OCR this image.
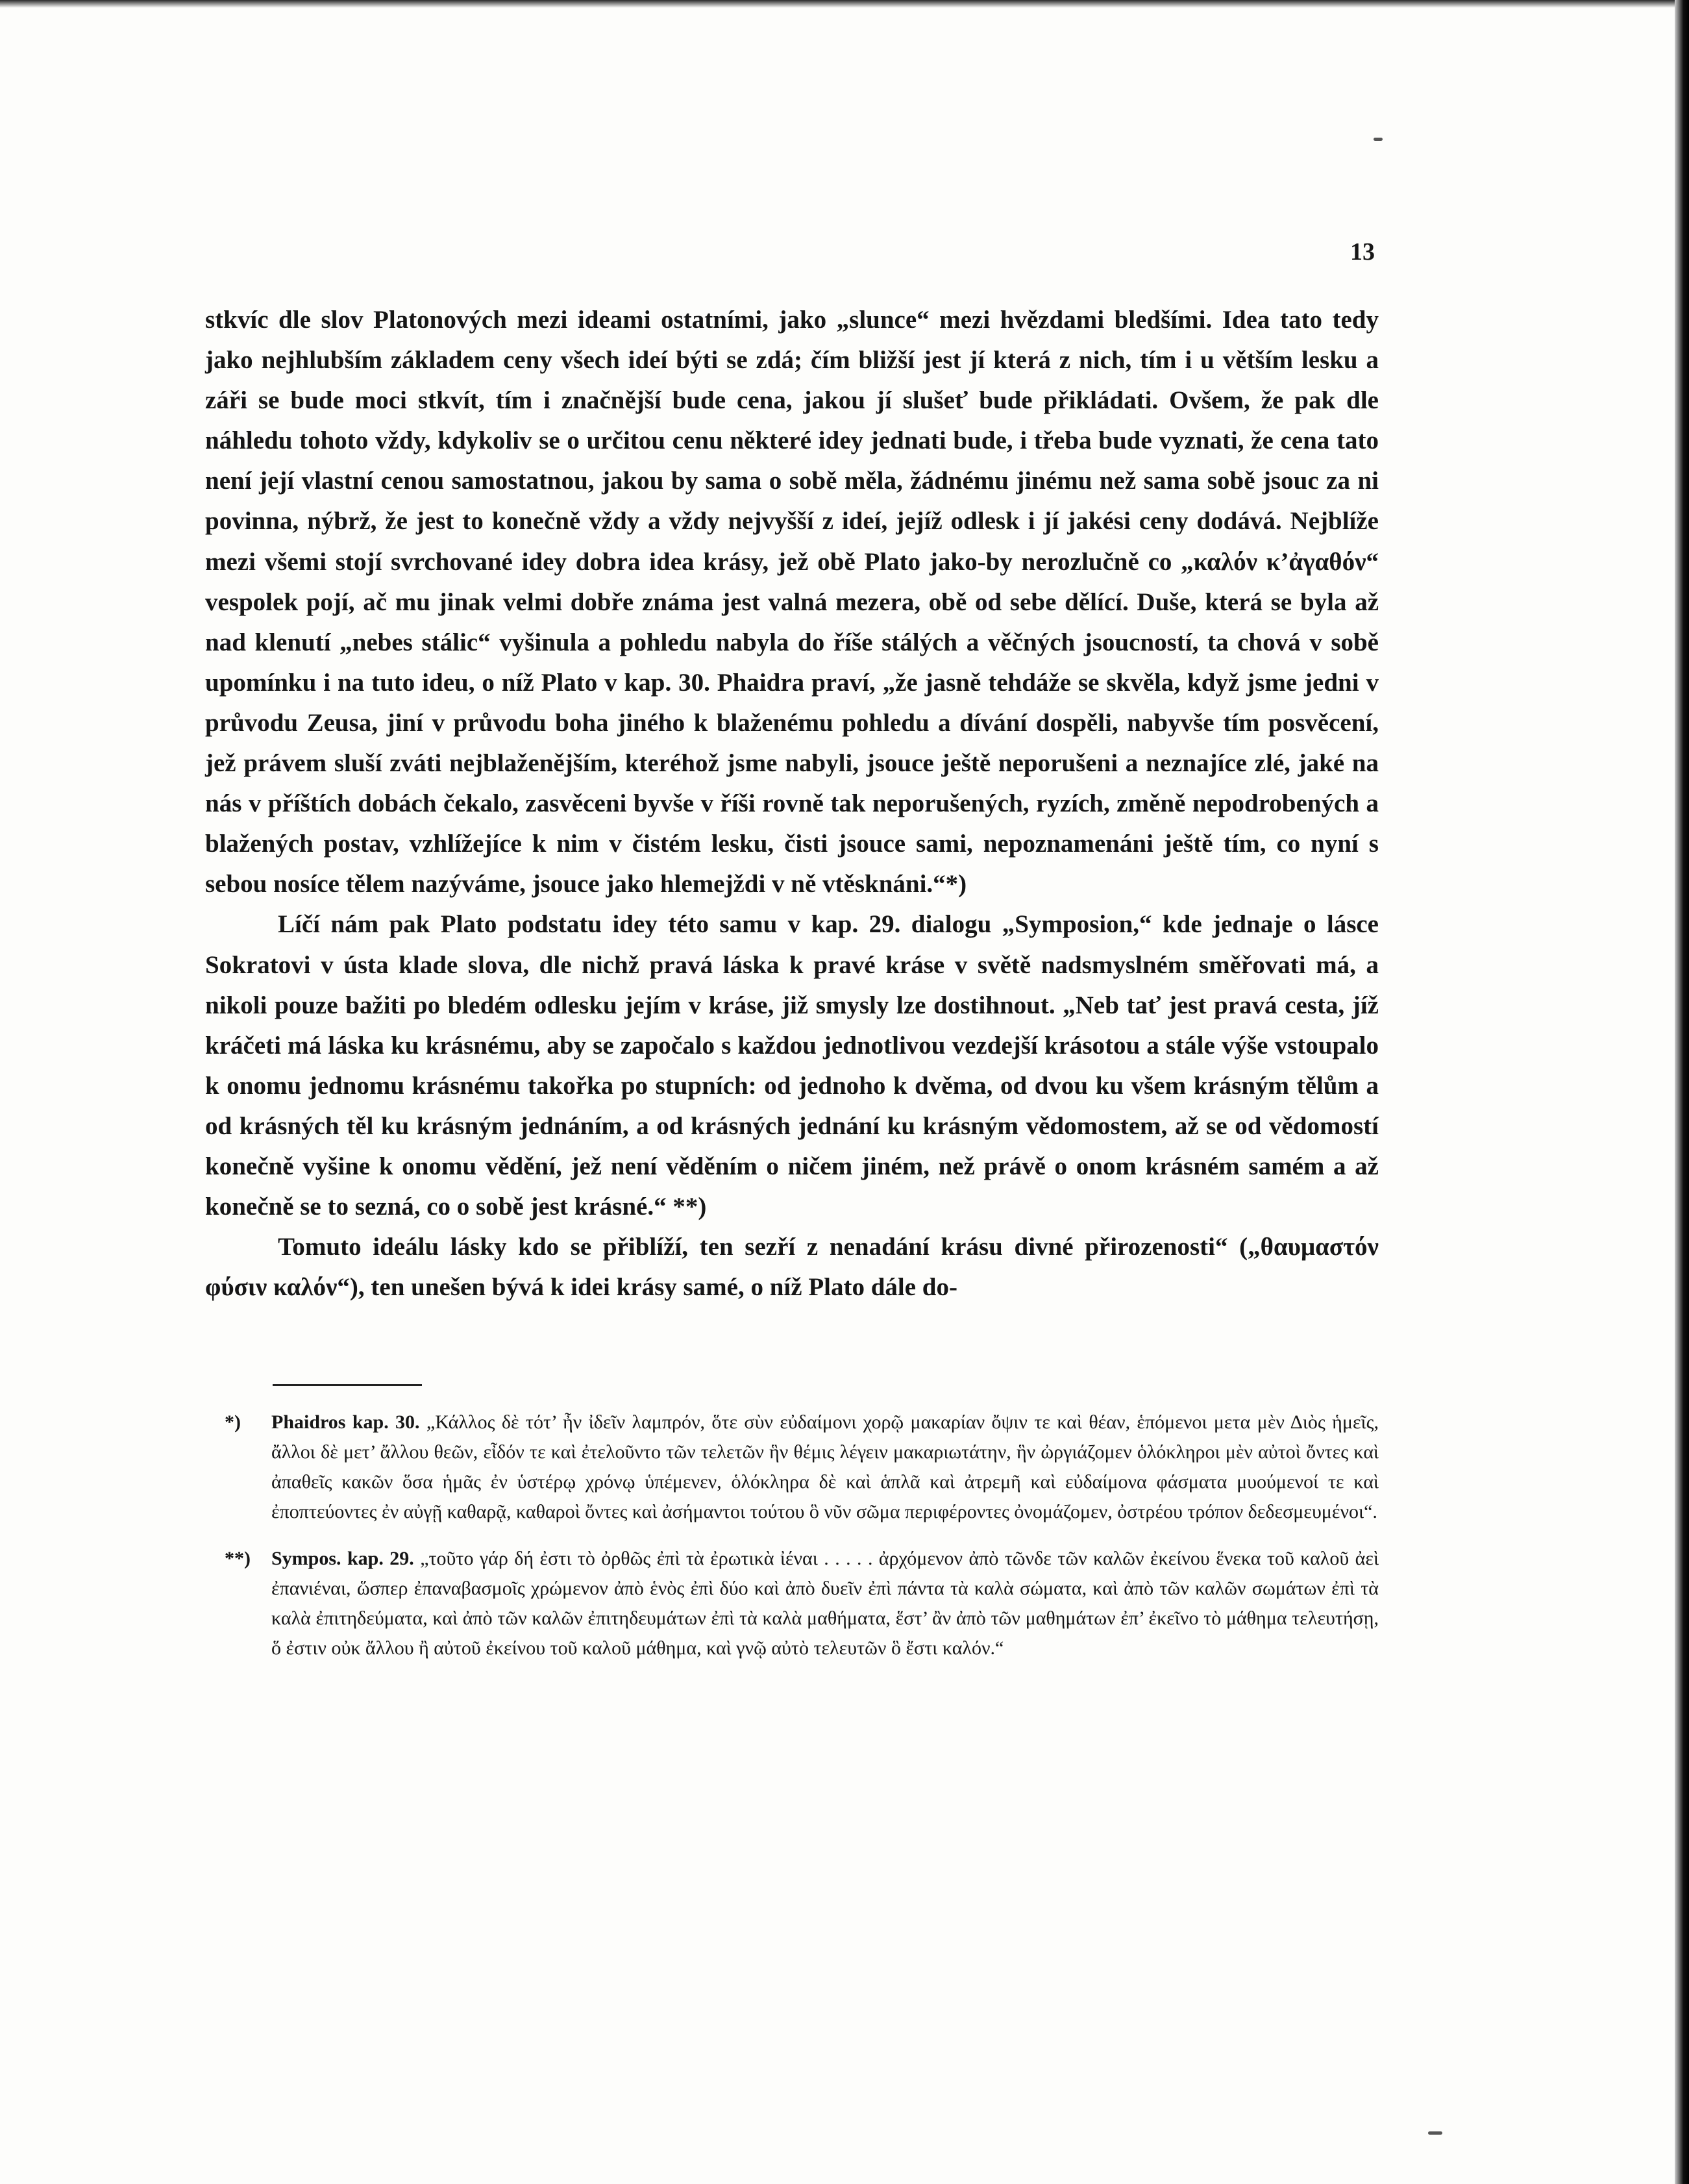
13

stkvíc dle slov Platonových mezi ideami ostatními, jako „slunce“ mezi hvězdami bledšími. Idea tato tedy jako nejhlubším základem ceny všech ideí býti se zdá; čím bližší jest jí která z nich, tím i u větším lesku a záři se bude moci stkvít, tím i značnější bude cena, jakou jí slušeť bude přikládati. Ovšem, že pak dle náhledu tohoto vždy, kdykoliv se o určitou cenu některé idey jednati bude, i třeba bude vyznati, že cena tato není její vlastní cenou samostatnou, jakou by sama o sobě měla, žádnému jinému než sama sobě jsouc za ni povinna, nýbrž, že jest to konečně vždy a vždy nejvyšší z ideí, jejíž odlesk i jí jakési ceny dodává. Nejblíže mezi všemi stojí svrchované idey dobra idea krásy, jež obě Plato jako-by nerozlučně co „καλόν κ’ἀγαθόν“ vespolek pojí, ač mu jinak velmi dobře známa jest valná mezera, obě od sebe dělící. Duše, která se byla až nad klenutí „nebes stálic“ vyšinula a pohledu nabyla do říše stálých a věčných jsoucností, ta chová v sobě upomínku i na tuto ideu, o níž Plato v kap. 30. Phaidra praví, „že jasně tehdáže se skvěla, když jsme jedni v průvodu Zeusa, jiní v průvodu boha jiného k blaženému pohledu a dívání dospěli, nabyvše tím posvěcení, jež právem sluší zváti nejblaženějším, kteréhož jsme nabyli, jsouce ještě neporušeni a neznajíce zlé, jaké na nás v příštích dobách čekalo, zasvěceni byvše v říši rovně tak neporušených, ryzích, změně nepodrobených a blažených postav, vzhlížejíce k nim v čistém lesku, čisti jsouce sami, nepoznamenáni ještě tím, co nyní s sebou nosíce tělem nazýváme, jsouce jako hlemejždi v ně vtěsknáni.“*)

Líčí nám pak Plato podstatu idey této samu v kap. 29. dialogu „Symposion,“ kde jednaje o lásce Sokratovi v ústa klade slova, dle nichž pravá láska k pravé kráse v světě nadsmyslném směřovati má, a nikoli pouze bažiti po bledém odlesku jejím v kráse, již smysly lze dostihnout. „Neb tať jest pravá cesta, jíž kráčeti má láska ku krásnému, aby se započalo s každou jednotlivou vezdejší krásotou a stále výše vstoupalo k onomu jednomu krásnému takořka po stupních: od jednoho k dvěma, od dvou ku všem krásným tělům a od krásných těl ku krásným jednáním, a od krásných jednání ku krásným vědomostem, až se od vědomostí konečně vyšine k onomu vědění, jež není věděním o ničem jiném, než právě o onom krásném samém a až konečně se to sezná, co o sobě jest krásné.“ **)

Tomuto ideálu lásky kdo se přiblíží, ten sezří z nenadání krásu divné přirozenosti“ („θαυμαστόν φύσιν καλόν“), ten unešen bývá k idei krásy samé, o níž Plato dále do-

*) Phaidros kap. 30. „Κάλλος δὲ τότ’ ἦν ἰδεῖν λαμπρόν, ὅτε σὺν εὐδαίμονι χορῷ μακαρίαν ὄψιν τε καὶ θέαν, ἑπόμενοι μετα μὲν Διὸς ἡμεῖς, ἄλλοι δὲ μετ’ ἄλλου θεῶν, εἶδόν τε καὶ ἐτελοῦντο τῶν τελετῶν ἣν θέμις λέγειν μακαριωτάτην, ἣν ὠργιάζομεν ὁλόκληροι μὲν αὐτοὶ ὄντες καὶ ἀπαθεῖς κακῶν ὅσα ἡμᾶς ἐν ὑστέρῳ χρόνῳ ὑπέμενεν, ὁλόκληρα δὲ καὶ ἁπλᾶ καὶ ἀτρεμῆ καὶ εὐδαίμονα φάσματα μυούμενοί τε καὶ ἐποπτεύοντες ἐν αὐγῇ καθαρᾷ, καθαροὶ ὄντες καὶ ἀσήμαντοι τούτου ὃ νῦν σῶμα περιφέροντες ὀνομάζομεν, ὀστρέου τρόπον δεδεσμευμένοι“.
**) Sympos. kap. 29. „τοῦτο γάρ δή ἐστι τὸ ὀρθῶς ἐπὶ τὰ ἐρωτικὰ ἰέναι . . . . . ἀρχόμενον ἀπὸ τῶνδε τῶν καλῶν ἐκείνου ἕνεκα τοῦ καλοῦ ἀεὶ ἐπανιέναι, ὥσπερ ἐπαναβασμοῖς χρώμενον ἀπὸ ἑνὸς ἐπὶ δύο καὶ ἀπὸ δυεῖν ἐπὶ πάντα τὰ καλὰ σώματα, καὶ ἀπὸ τῶν καλῶν σωμάτων ἐπὶ τὰ καλὰ ἐπιτηδεύματα, καὶ ἀπὸ τῶν καλῶν ἐπιτηδευμάτων ἐπὶ τὰ καλὰ μαθήματα, ἕστ’ ἂν ἀπὸ τῶν μαθημάτων ἐπ’ ἐκεῖνο τὸ μάθημα τελευτήσῃ, ὅ ἐστιν οὐκ ἄλλου ἢ αὐτοῦ ἐκείνου τοῦ καλοῦ μάθημα, καὶ γνῷ αὐτὸ τελευτῶν ὃ ἔστι καλόν.“
